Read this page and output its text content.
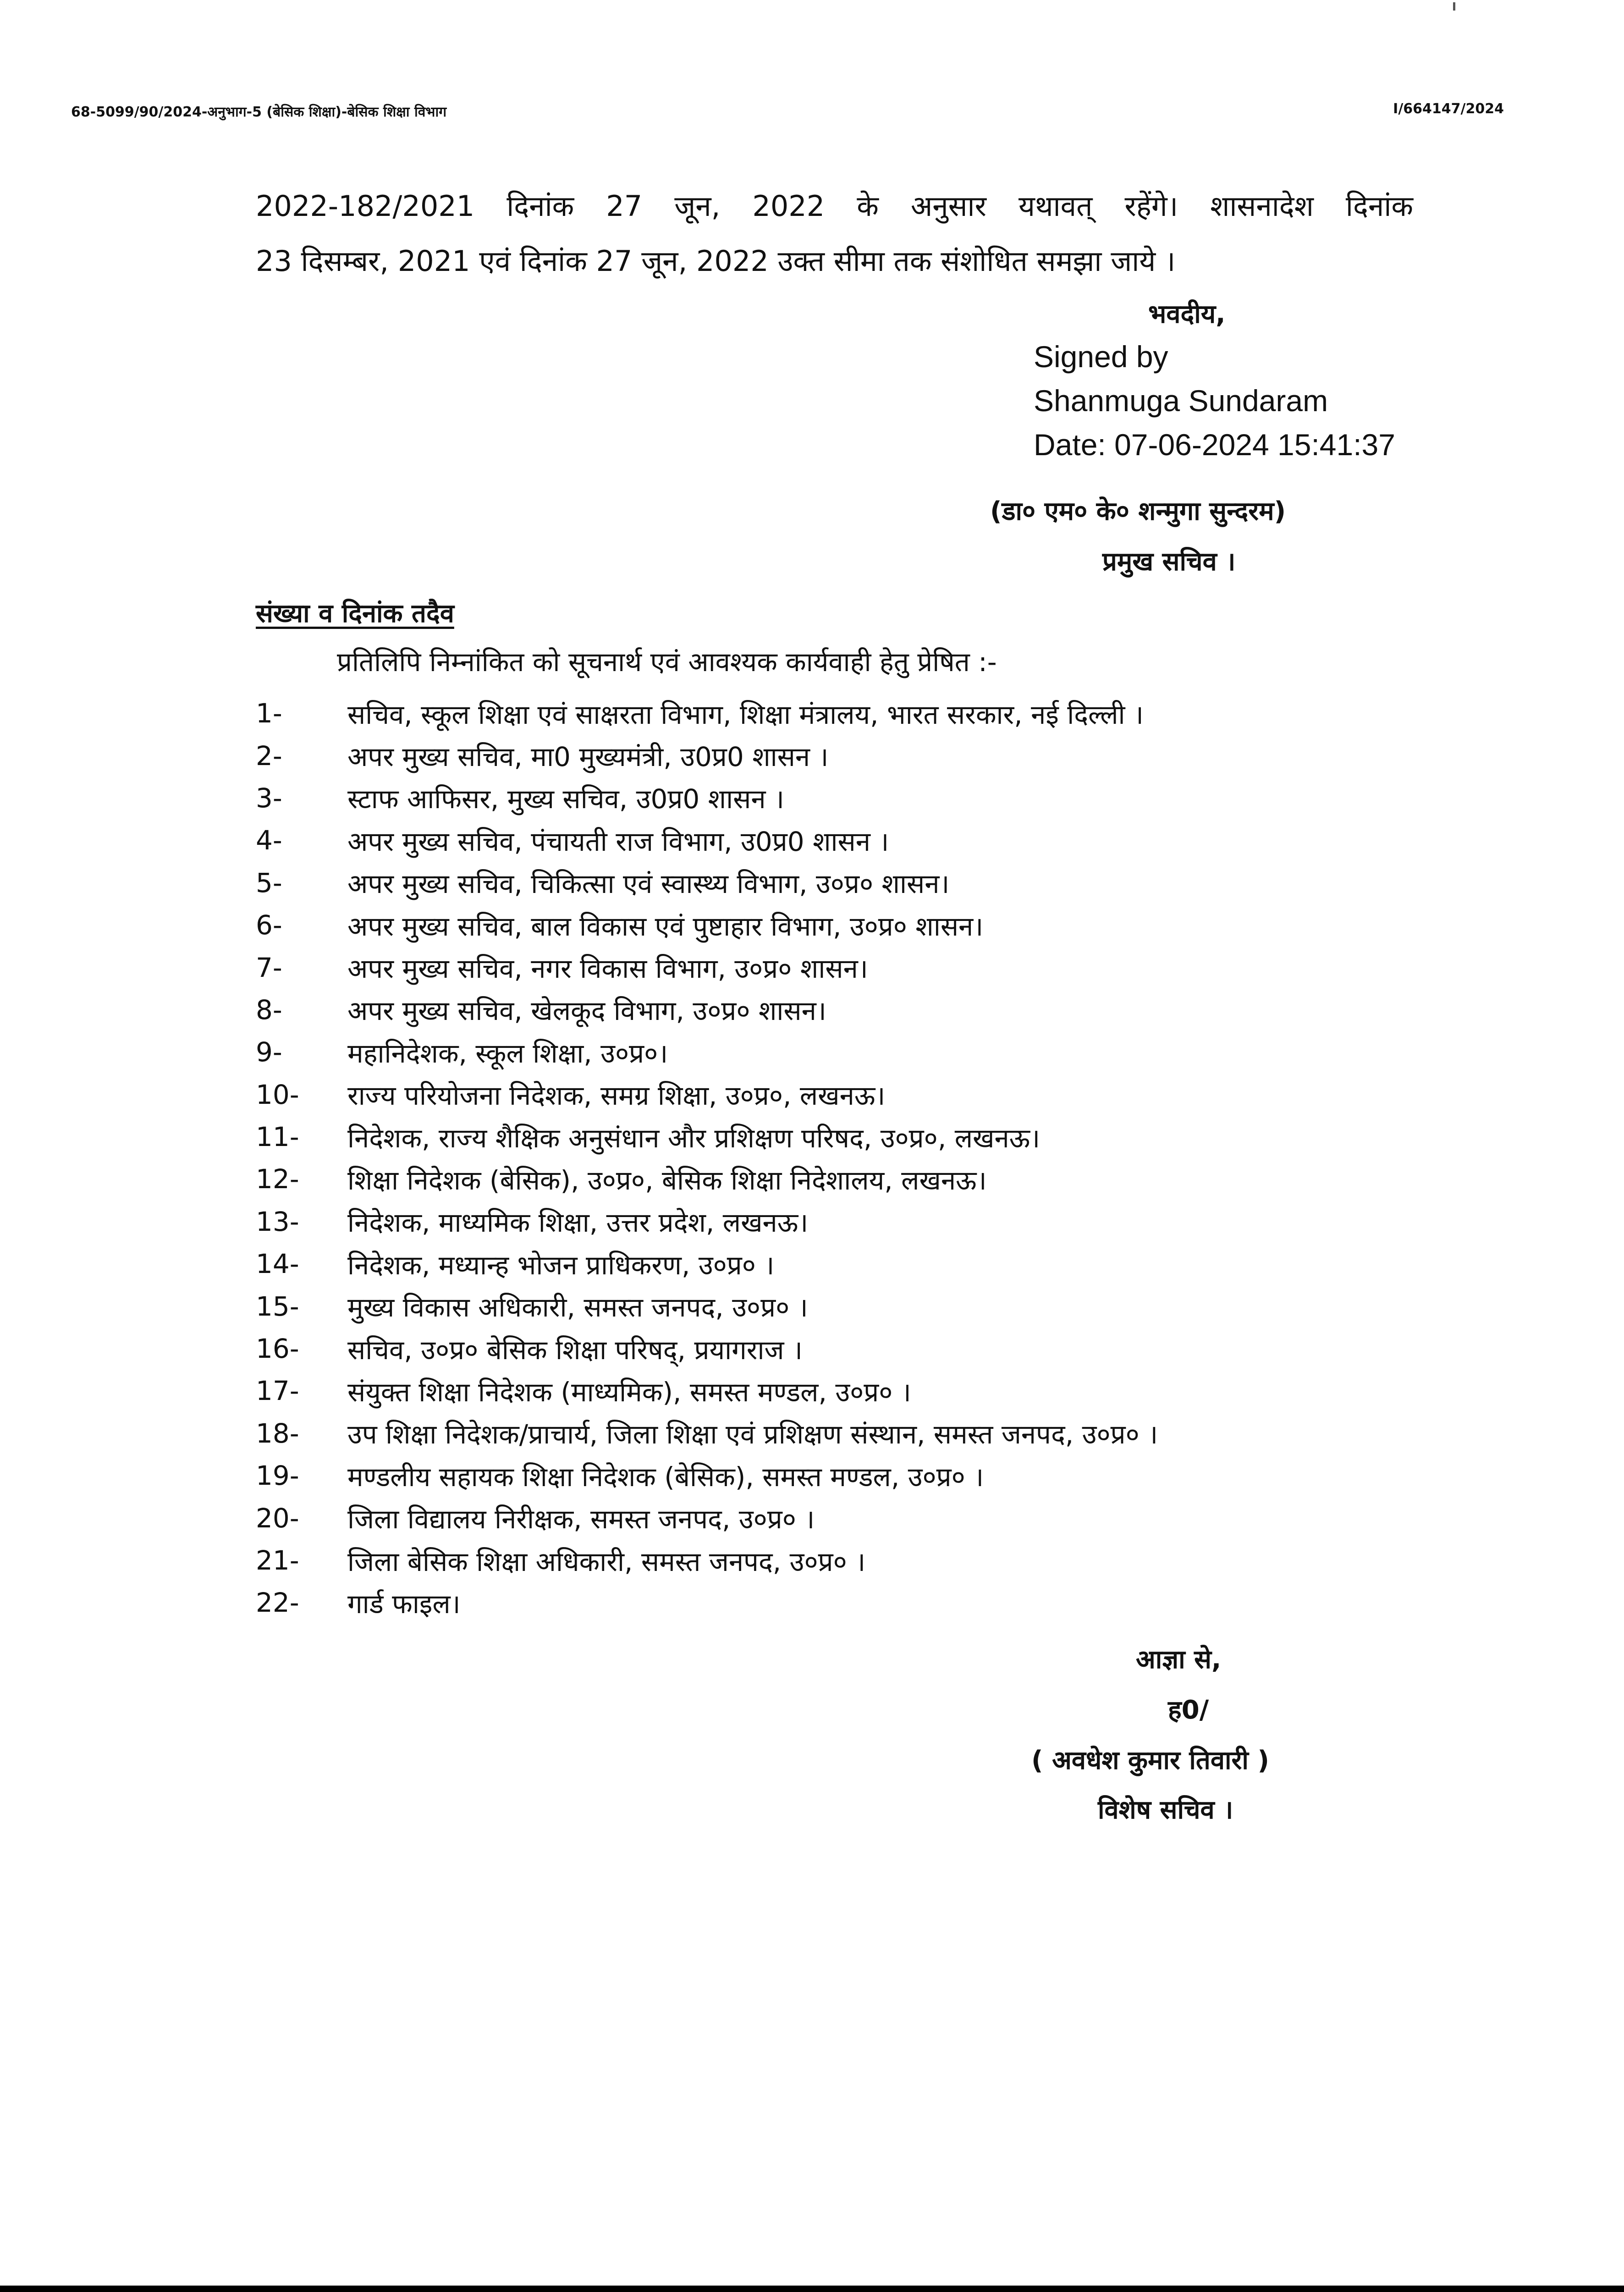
68-5099/90/2024-अनुभाग-5 (बेसिक शिक्षा)-बेसिक शिक्षा विभाग	I/664147/2024
2022-182/2021 दिनांक 27 जून, 2022 के अनुसार यथावत् रहेंगे। शासनादेश दिनांक
23 दिसम्बर, 2021 एवं दिनांक 27 जून, 2022 उक्त सीमा तक संशोधित समझा जाये ।
भवदीय,
Signed by
Shanmuga Sundaram
Date: 07-06-2024 15:41:37
(डा० एम० के० शन्मुगा सुन्दरम)
प्रमुख सचिव ।
संख्या व दिनांक तदैव
प्रतिलिपि निम्नांकित को सूचनार्थ एवं आवश्यक कार्यवाही हेतु प्रेषित :-
1-	सचिव, स्कूल शिक्षा एवं साक्षरता विभाग, शिक्षा मंत्रालय, भारत सरकार, नई दिल्ली ।
2-	अपर मुख्य सचिव, मा0 मुख्यमंत्री, उ0प्र0 शासन ।
3-	स्टाफ आफिसर, मुख्य सचिव, उ0प्र0 शासन ।
4-	अपर मुख्य सचिव, पंचायती राज विभाग, उ0प्र0 शासन ।
5-	अपर मुख्य सचिव, चिकित्सा एवं स्वास्थ्य विभाग, उ०प्र० शासन।
6-	अपर मुख्य सचिव, बाल विकास एवं पुष्टाहार विभाग, उ०प्र० शासन।
7-	अपर मुख्य सचिव, नगर विकास विभाग, उ०प्र० शासन।
8-	अपर मुख्य सचिव, खेलकूद विभाग, उ०प्र० शासन।
9-	महानिदेशक, स्कूल शिक्षा, उ०प्र०।
10-	राज्य परियोजना निदेशक, समग्र शिक्षा, उ०प्र०, लखनऊ।
11-	निदेशक, राज्य शैक्षिक अनुसंधान और प्रशिक्षण परिषद, उ०प्र०, लखनऊ।
12-	शिक्षा निदेशक (बेसिक), उ०प्र०, बेसिक शिक्षा निदेशालय, लखनऊ।
13-	निदेशक, माध्यमिक शिक्षा, उत्तर प्रदेश, लखनऊ।
14-	निदेशक, मध्यान्ह भोजन प्राधिकरण, उ०प्र० ।
15-	मुख्य विकास अधिकारी, समस्त जनपद, उ०प्र० ।
16-	सचिव, उ०प्र० बेसिक शिक्षा परिषद्, प्रयागराज ।
17-	संयुक्त शिक्षा निदेशक (माध्यमिक), समस्त मण्डल, उ०प्र० ।
18-	उप शिक्षा निदेशक/प्राचार्य, जिला शिक्षा एवं प्रशिक्षण संस्थान, समस्त जनपद, उ०प्र० ।
19-	मण्डलीय सहायक शिक्षा निदेशक (बेसिक), समस्त मण्डल, उ०प्र० ।
20-	जिला विद्यालय निरीक्षक, समस्त जनपद, उ०प्र० ।
21-	जिला बेसिक शिक्षा अधिकारी, समस्त जनपद, उ०प्र० ।
22-	गार्ड फाइल।
आज्ञा से,
ह0/
( अवधेश कुमार तिवारी )
विशेष सचिव ।
